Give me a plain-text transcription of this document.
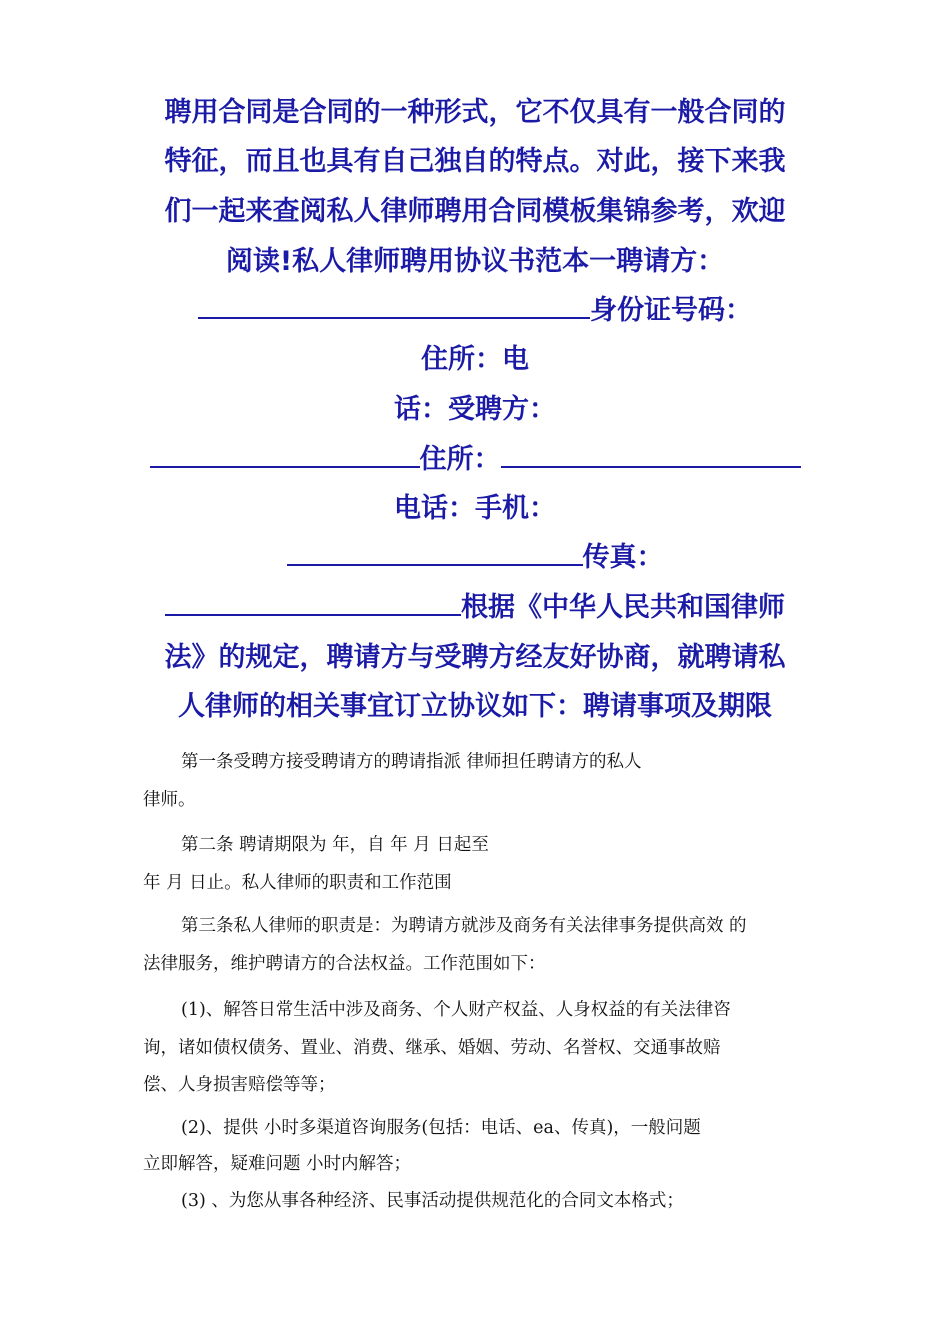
聘用合同是合同的一种形式，它不仅具有一般合同的
特征，而且也具有自己独自的特点。对此，接下来我
们一起来查阅私人律师聘用合同模板集锦参考，欢迎
阅读!私人律师聘用协议书范本一聘请方：
身份证号码：
住所：电
话：受聘方：
住所：
电话：手机：
传真：
根据《中华人民共和国律师
法》的规定，聘请方与受聘方经友好协商，就聘请私
人律师的相关事宜订立协议如下：聘请事项及期限
第一条受聘方接受聘请方的聘请指派 律师担任聘请方的私人
律师。
第二条 聘请期限为 年，自 年 月 日起至
年 月 日止。私人律师的职责和工作范围
第三条私人律师的职责是：为聘请方就涉及商务有关法律事务提供高效 的
法律服务，维护聘请方的合法权益。工作范围如下：
(1)、解答日常生活中涉及商务、个人财产权益、人身权益的有关法律咨
询，诸如债权债务、置业、消费、继承、婚姻、劳动、名誉权、交通事故赔
偿、人身损害赔偿等等；
(2)、提供 小时多渠道咨询服务(包括：电话、ea、传真)，一般问题
立即解答，疑难问题 小时内解答；
(3) 、为您从事各种经济、民事活动提供规范化的合同文本格式；
